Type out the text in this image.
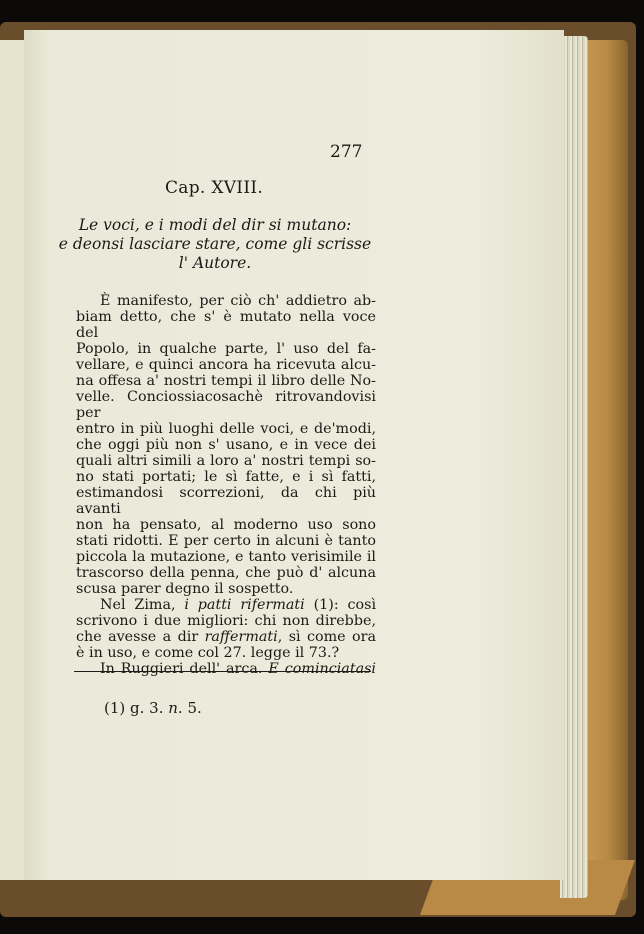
277

Cap. XVIII.

Le voci, e i modi del dir si mutano:
e deonsi lasciare stare, come gli scrisse
l' Autore.

È manifesto, per ciò ch' addietro ab-

biam detto, che s' è mutato nella voce del

Popolo, in qualche parte, l' uso del fa-

vellare, e quinci ancora ha ricevuta alcu-

na offesa a' nostri tempi il libro delle No-

velle. Conciossiacosachè ritrovandovisi per

entro in più luoghi delle voci, e de'modi,

che oggi più non s' usano, e in vece dei

quali altri simili a loro a' nostri tempi so-

no stati portati; le sì fatte, e i sì fatti,

estimandosi scorrezioni, da chi più avanti

non ha pensato, al moderno uso sono

stati ridotti. E per certo in alcuni è tanto

piccola la mutazione, e tanto verisimile il

trascorso della penna, che può d' alcuna

scusa parer degno il sospetto.

Nel Zima, i patti rifermati (1): così

scrivono i due migliori: chi non direbbe,

che avesse a dir raffermati, sì come ora

è in uso, e come col 27. legge il 73.?

In Ruggieri dell' arca. E cominciatasi

(1) g. 3. n. 5.
